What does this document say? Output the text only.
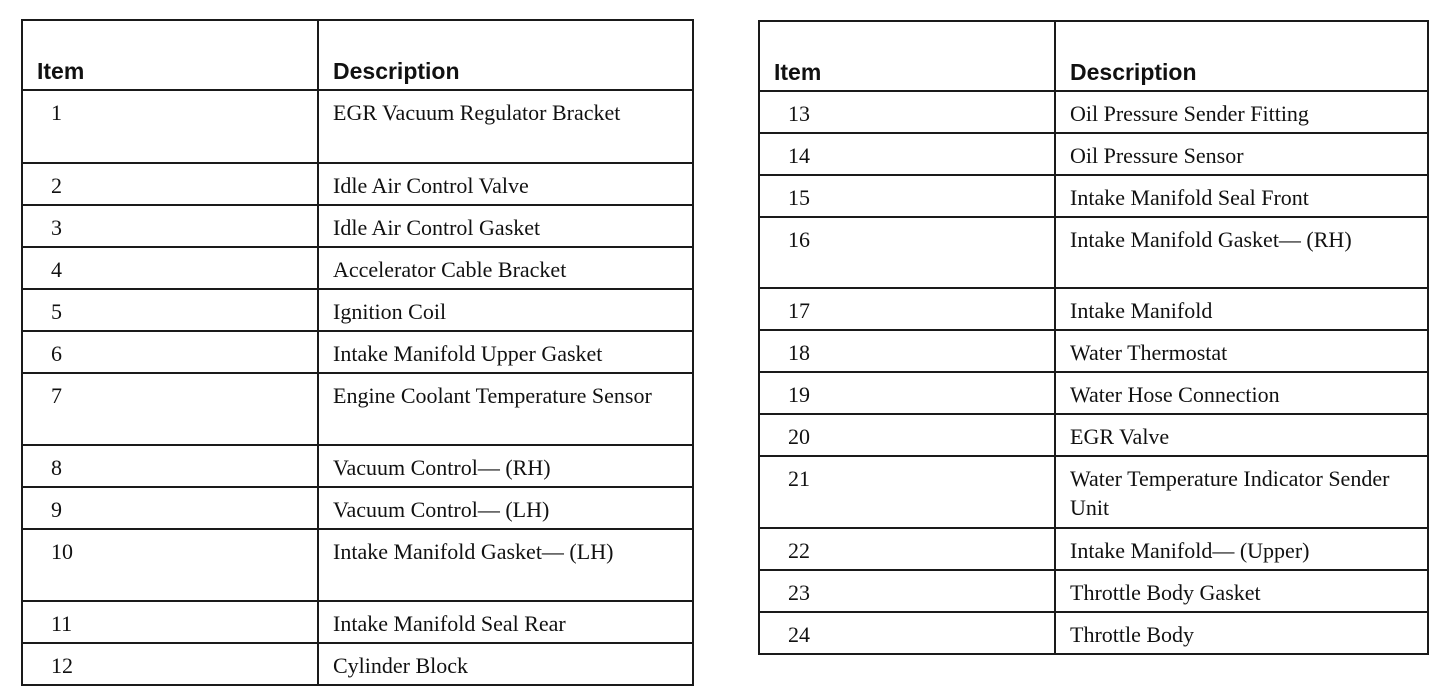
Item	Description
1	EGR Vacuum Regulator Bracket
2	Idle Air Control Valve
3	Idle Air Control Gasket
4	Accelerator Cable Bracket
5	Ignition Coil
6	Intake Manifold Upper Gasket
7	Engine Coolant Temperature Sensor
8	Vacuum Control— (RH)
9	Vacuum Control— (LH)
10	Intake Manifold Gasket— (LH)
11	Intake Manifold Seal Rear
12	Cylinder Block
Item	Description
13	Oil Pressure Sender Fitting
14	Oil Pressure Sensor
15	Intake Manifold Seal Front
16	Intake Manifold Gasket— (RH)
17	Intake Manifold
18	Water Thermostat
19	Water Hose Connection
20	EGR Valve
21	Water Temperature Indicator Sender Unit
22	Intake Manifold— (Upper)
23	Throttle Body Gasket
24	Throttle Body
